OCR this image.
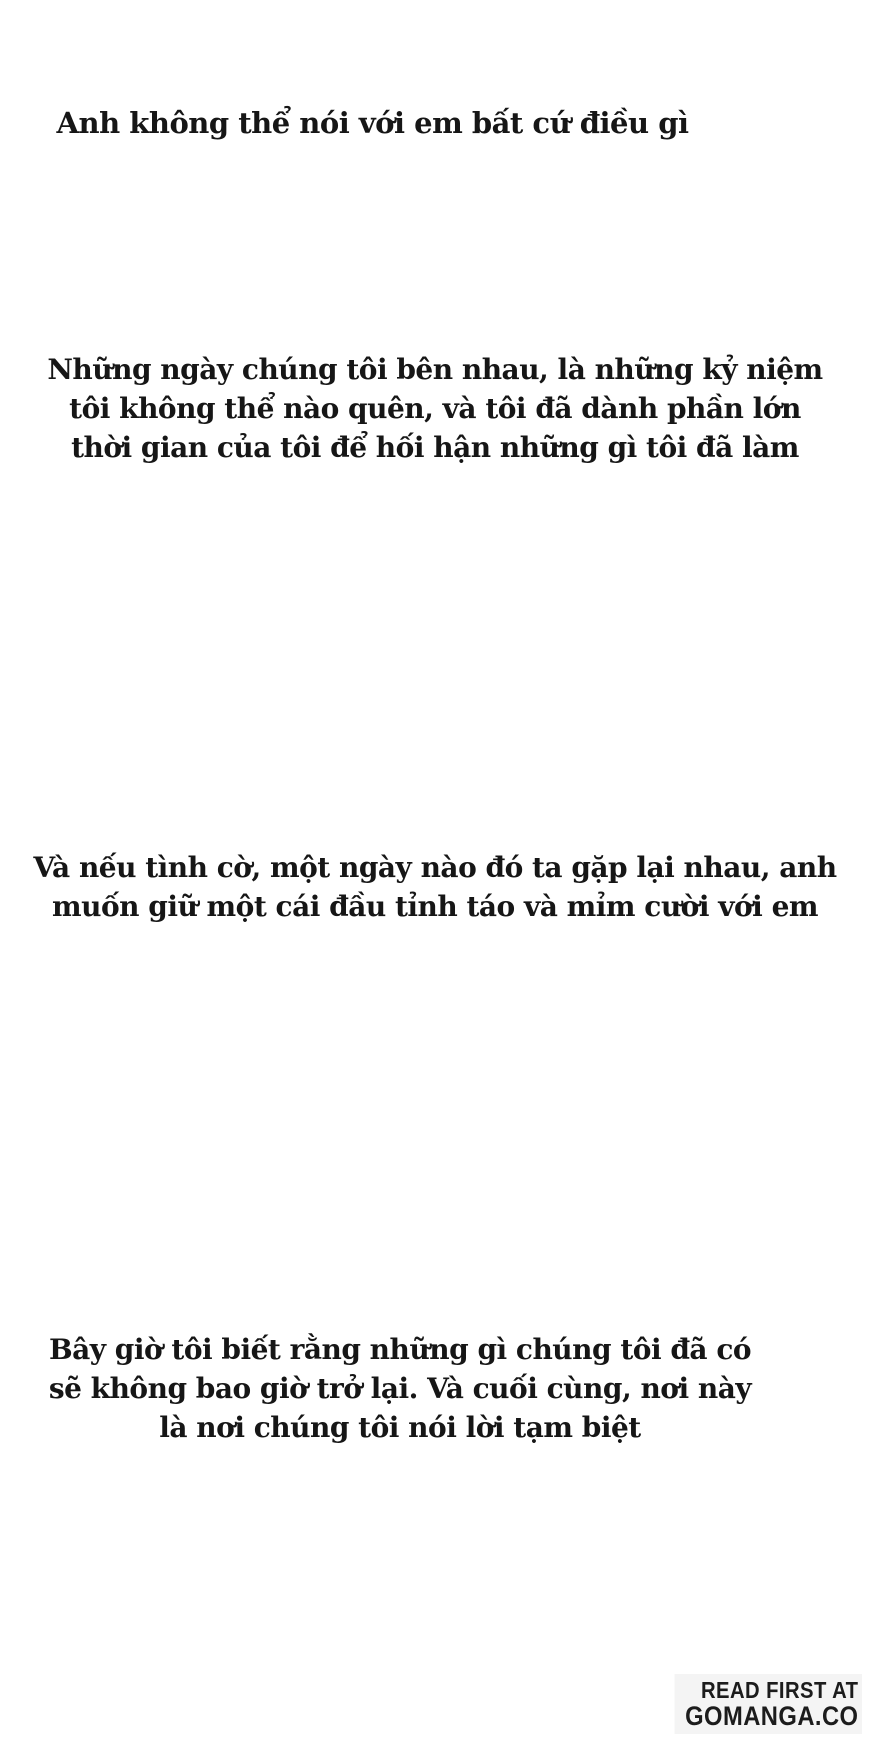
Anh không thể nói với em bất cứ điều gì
Những ngày chúng tôi bên nhau, là những kỷ niệm
tôi không thể nào quên, và tôi đã dành phần lớn
thời gian của tôi để hối hận những gì tôi đã làm
Và nếu tình cờ, một ngày nào đó ta gặp lại nhau, anh
muốn giữ một cái đầu tỉnh táo và mỉm cười với em
Bây giờ tôi biết rằng những gì chúng tôi đã có
sẽ không bao giờ trở lại. Và cuối cùng, nơi này
là nơi chúng tôi nói lời tạm biệt
READ FIRST AT
GOMANGA.CO
